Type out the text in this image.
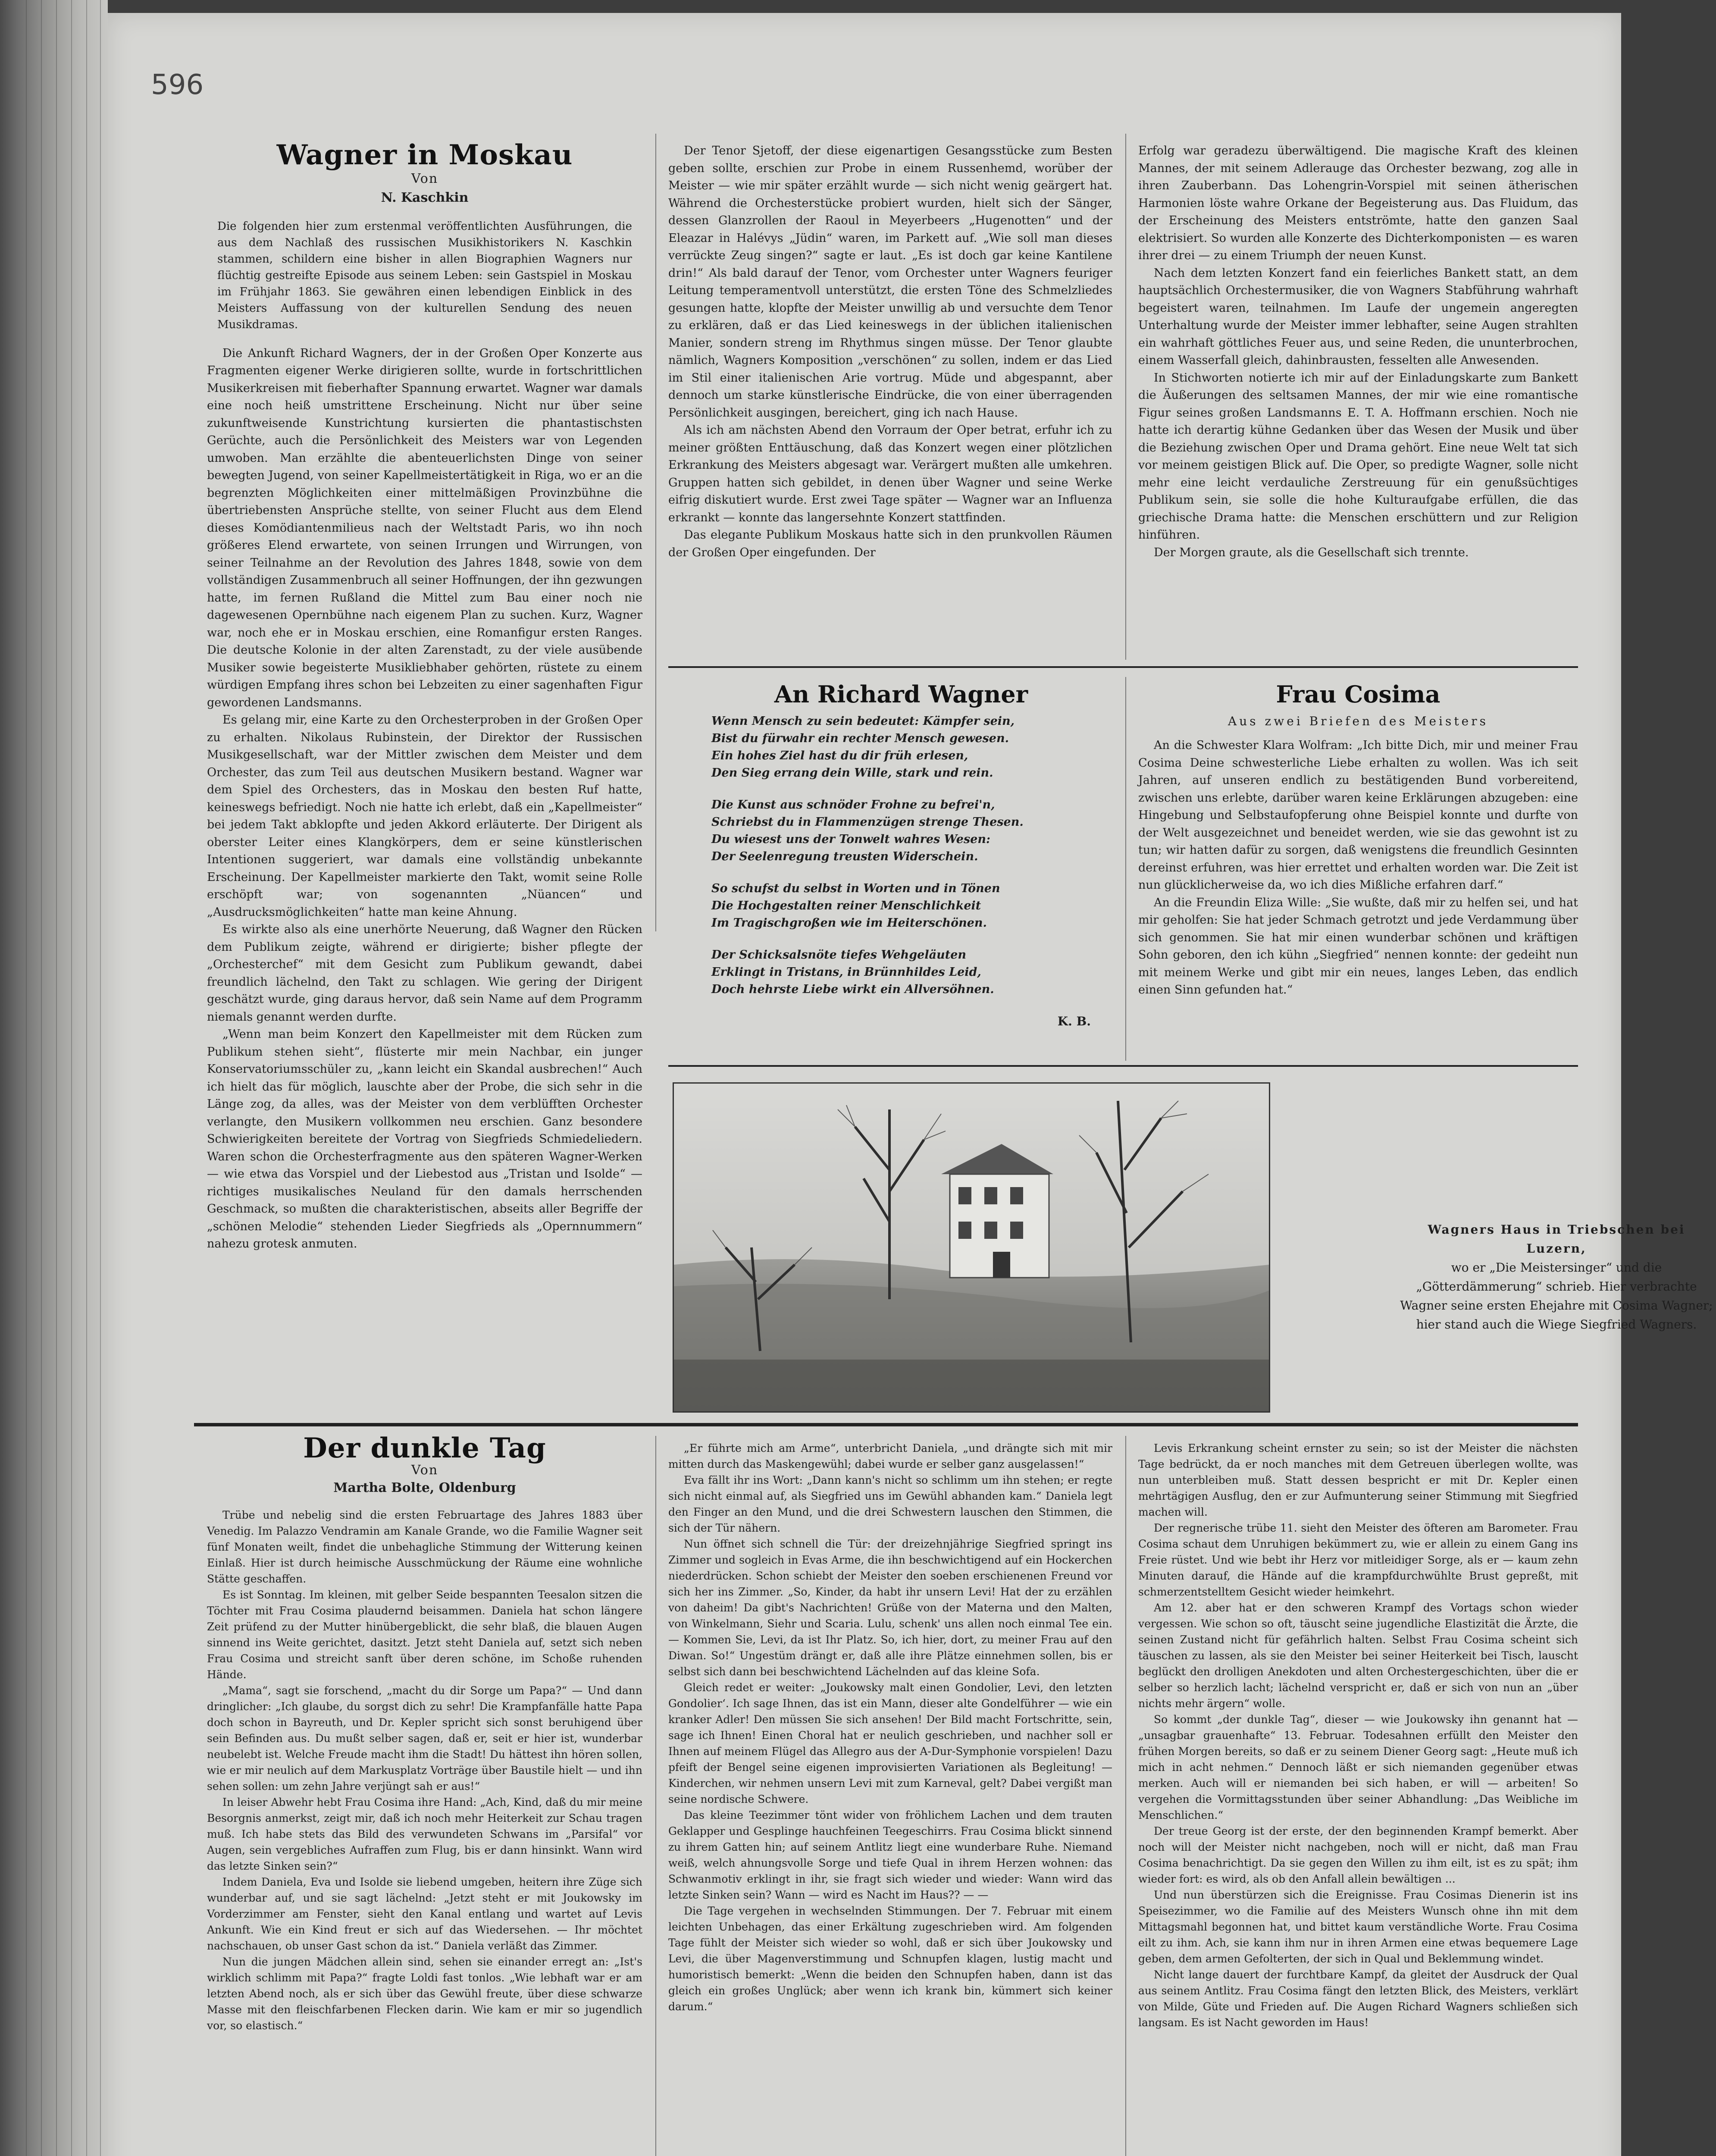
596
Wagner in Moskau
Von
N. Kaschkin
Die folgenden hier zum erstenmal veröffentlichten Ausführungen, die aus dem Nachlaß des russischen Musikhistorikers N. Kaschkin stammen, schildern eine bisher in allen Biographien Wagners nur flüchtig gestreifte Episode aus seinem Leben: sein Gastspiel in Moskau im Frühjahr 1863. Sie gewähren einen lebendigen Einblick in des Meisters Auffassung von der kulturellen Sendung des neuen Musikdramas.

Die Ankunft Richard Wagners, der in der Großen Oper Konzerte aus Fragmenten eigener Werke dirigieren sollte, wurde in fortschrittlichen Musikerkreisen mit fieberhafter Spannung erwartet. Wagner war damals eine noch heiß umstrittene Erscheinung. Nicht nur über seine zukunftweisende Kunstrichtung kursierten die phantastischsten Gerüchte, auch die Persönlichkeit des Meisters war von Legenden umwoben. Man erzählte die abenteuerlichsten Dinge von seiner bewegten Jugend, von seiner Kapellmeistertätigkeit in Riga, wo er an die begrenzten Möglichkeiten einer mittelmäßigen Provinzbühne die übertriebensten Ansprüche stellte, von seiner Flucht aus dem Elend dieses Komödiantenmilieus nach der Weltstadt Paris, wo ihn noch größeres Elend erwartete, von seinen Irrungen und Wirrungen, von seiner Teilnahme an der Revolution des Jahres 1848, sowie von dem vollständigen Zusammenbruch all seiner Hoffnungen, der ihn gezwungen hatte, im fernen Rußland die Mittel zum Bau einer noch nie dagewesenen Opernbühne nach eigenem Plan zu suchen. Kurz, Wagner war, noch ehe er in Moskau erschien, eine Romanfigur ersten Ranges. Die deutsche Kolonie in der alten Zarenstadt, zu der viele ausübende Musiker sowie begeisterte Musikliebhaber gehörten, rüstete zu einem würdigen Empfang ihres schon bei Lebzeiten zu einer sagenhaften Figur gewordenen Landsmanns.

Es gelang mir, eine Karte zu den Orchesterproben in der Großen Oper zu erhalten. Nikolaus Rubinstein, der Direktor der Russischen Musikgesellschaft, war der Mittler zwischen dem Meister und dem Orchester, das zum Teil aus deutschen Musikern bestand. Wagner war dem Spiel des Orchesters, das in Moskau den besten Ruf hatte, keineswegs befriedigt. Noch nie hatte ich erlebt, daß ein „Kapellmeister“ bei jedem Takt abklopfte und jeden Akkord erläuterte. Der Dirigent als oberster Leiter eines Klangkörpers, dem er seine künstlerischen Intentionen suggeriert, war damals eine vollständig unbekannte Erscheinung. Der Kapellmeister markierte den Takt, womit seine Rolle erschöpft war; von sogenannten „Nüancen“ und „Ausdrucksmöglichkeiten“ hatte man keine Ahnung.

Es wirkte also als eine unerhörte Neuerung, daß Wagner den Rücken dem Publikum zeigte, während er dirigierte; bisher pflegte der „Orchesterchef“ mit dem Gesicht zum Publikum gewandt, dabei freundlich lächelnd, den Takt zu schlagen. Wie gering der Dirigent geschätzt wurde, ging daraus hervor, daß sein Name auf dem Programm niemals genannt werden durfte.

„Wenn man beim Konzert den Kapellmeister mit dem Rücken zum Publikum stehen sieht“, flüsterte mir mein Nachbar, ein junger Konservatoriumsschüler zu, „kann leicht ein Skandal ausbrechen!“ Auch ich hielt das für möglich, lauschte aber der Probe, die sich sehr in die Länge zog, da alles, was der Meister von dem verblüfften Orchester verlangte, den Musikern vollkommen neu erschien. Ganz besondere Schwierigkeiten bereitete der Vortrag von Siegfrieds Schmiedeliedern. Waren schon die Orchesterfragmente aus den späteren Wagner-Werken — wie etwa das Vorspiel und der Liebestod aus „Tristan und Isolde“ — richtiges musikalisches Neuland für den damals herrschenden Geschmack, so mußten die charakteristischen, abseits aller Begriffe der „schönen Melodie“ stehenden Lieder Siegfrieds als „Opernnummern“ nahezu grotesk anmuten.

Der Tenor Sjetoff, der diese eigenartigen Gesangsstücke zum Besten geben sollte, erschien zur Probe in einem Russenhemd, worüber der Meister — wie mir später erzählt wurde — sich nicht wenig geärgert hat. Während die Orchesterstücke probiert wurden, hielt sich der Sänger, dessen Glanzrollen der Raoul in Meyerbeers „Hugenotten“ und der Eleazar in Halévys „Jüdin“ waren, im Parkett auf. „Wie soll man dieses verrückte Zeug singen?“ sagte er laut. „Es ist doch gar keine Kantilene drin!“ Als bald darauf der Tenor, vom Orchester unter Wagners feuriger Leitung temperamentvoll unterstützt, die ersten Töne des Schmelzliedes gesungen hatte, klopfte der Meister unwillig ab und versuchte dem Tenor zu erklären, daß er das Lied keineswegs in der üblichen italienischen Manier, sondern streng im Rhythmus singen müsse. Der Tenor glaubte nämlich, Wagners Komposition „verschönen“ zu sollen, indem er das Lied im Stil einer italienischen Arie vortrug. Müde und abgespannt, aber dennoch um starke künstlerische Eindrücke, die von einer überragenden Persönlichkeit ausgingen, bereichert, ging ich nach Hause.

Als ich am nächsten Abend den Vorraum der Oper betrat, erfuhr ich zu meiner größten Enttäuschung, daß das Konzert wegen einer plötzlichen Erkrankung des Meisters abgesagt war. Verärgert mußten alle umkehren. Gruppen hatten sich gebildet, in denen über Wagner und seine Werke eifrig diskutiert wurde. Erst zwei Tage später — Wagner war an Influenza erkrankt — konnte das langersehnte Konzert stattfinden.

Das elegante Publikum Moskaus hatte sich in den prunkvollen Räumen der Großen Oper eingefunden. Der

Erfolg war geradezu überwältigend. Die magische Kraft des kleinen Mannes, der mit seinem Adlerauge das Orchester bezwang, zog alle in ihren Zauberbann. Das Lohengrin-Vorspiel mit seinen ätherischen Harmonien löste wahre Orkane der Begeisterung aus. Das Fluidum, das der Erscheinung des Meisters entströmte, hatte den ganzen Saal elektrisiert. So wurden alle Konzerte des Dichterkomponisten — es waren ihrer drei — zu einem Triumph der neuen Kunst.

Nach dem letzten Konzert fand ein feierliches Bankett statt, an dem hauptsächlich Orchestermusiker, die von Wagners Stabführung wahrhaft begeistert waren, teilnahmen. Im Laufe der ungemein angeregten Unterhaltung wurde der Meister immer lebhafter, seine Augen strahlten ein wahrhaft göttliches Feuer aus, und seine Reden, die ununterbrochen, einem Wasserfall gleich, dahinbrausten, fesselten alle Anwesenden.

In Stichworten notierte ich mir auf der Einladungskarte zum Bankett die Äußerungen des seltsamen Mannes, der mir wie eine romantische Figur seines großen Landsmanns E. T. A. Hoffmann erschien. Noch nie hatte ich derartig kühne Gedanken über das Wesen der Musik und über die Beziehung zwischen Oper und Drama gehört. Eine neue Welt tat sich vor meinem geistigen Blick auf. Die Oper, so predigte Wagner, solle nicht mehr eine leicht verdauliche Zerstreuung für ein genußsüchtiges Publikum sein, sie solle die hohe Kulturaufgabe erfüllen, die das griechische Drama hatte: die Menschen erschüttern und zur Religion hinführen.

Der Morgen graute, als die Gesellschaft sich trennte.

An Richard Wagner
Wenn Mensch zu sein bedeutet: Kämpfer sein,
Bist du fürwahr ein rechter Mensch gewesen.
Ein hohes Ziel hast du dir früh erlesen,
Den Sieg errang dein Wille, stark und rein.
Die Kunst aus schnöder Frohne zu befrei'n,
Schriebst du in Flammenzügen strenge Thesen.
Du wiesest uns der Tonwelt wahres Wesen:
Der Seelenregung treusten Widerschein.
So schufst du selbst in Worten und in Tönen
Die Hochgestalten reiner Menschlichkeit
Im Tragischgroßen wie im Heiterschönen.
Der Schicksalsnöte tiefes Wehgeläuten
Erklingt in Tristans, in Brünnhildes Leid,
Doch hehrste Liebe wirkt ein Allversöhnen.
K. B.
Frau Cosima
Aus zwei Briefen des Meisters

An die Schwester Klara Wolfram: „Ich bitte Dich, mir und meiner Frau Cosima Deine schwesterliche Liebe erhalten zu wollen. Was ich seit Jahren, auf unseren endlich zu bestätigenden Bund vorbereitend, zwischen uns erlebte, darüber waren keine Erklärungen abzugeben: eine Hingebung und Selbstaufopferung ohne Beispiel konnte und durfte von der Welt ausgezeichnet und beneidet werden, wie sie das gewohnt ist zu tun; wir hatten dafür zu sorgen, daß wenigstens die freundlich Gesinnten dereinst erfuhren, was hier errettet und erhalten worden war. Die Zeit ist nun glücklicherweise da, wo ich dies Mißliche erfahren darf.“

An die Freundin Eliza Wille: „Sie wußte, daß mir zu helfen sei, und hat mir geholfen: Sie hat jeder Schmach getrotzt und jede Verdammung über sich genommen. Sie hat mir einen wunderbar schönen und kräftigen Sohn geboren, den ich kühn „Siegfried“ nennen konnte: der gedeiht nun mit meinem Werke und gibt mir ein neues, langes Leben, das endlich einen Sinn gefunden hat.“

Wagners Haus in Triebschen bei Luzern,
wo er „Die Meistersinger“ und die „Götterdämmerung“ schrieb. Hier verbrachte Wagner seine ersten Ehejahre mit Cosima Wagner; hier stand auch die Wiege Siegfried Wagners.
Der dunkle Tag
Von
Martha Bolte, Oldenburg

Trübe und nebelig sind die ersten Februartage des Jahres 1883 über Venedig. Im Palazzo Vendramin am Kanale Grande, wo die Familie Wagner seit fünf Monaten weilt, findet die unbehagliche Stimmung der Witterung keinen Einlaß. Hier ist durch heimische Ausschmückung der Räume eine wohnliche Stätte geschaffen.

Es ist Sonntag. Im kleinen, mit gelber Seide bespannten Teesalon sitzen die Töchter mit Frau Cosima plaudernd beisammen. Daniela hat schon längere Zeit prüfend zu der Mutter hinübergeblickt, die sehr blaß, die blauen Augen sinnend ins Weite gerichtet, dasitzt. Jetzt steht Daniela auf, setzt sich neben Frau Cosima und streicht sanft über deren schöne, im Schoße ruhenden Hände.

„Mama“, sagt sie forschend, „macht du dir Sorge um Papa?“ — Und dann dringlicher: „Ich glaube, du sorgst dich zu sehr! Die Krampfanfälle hatte Papa doch schon in Bayreuth, und Dr. Kepler spricht sich sonst beruhigend über sein Befinden aus. Du mußt selber sagen, daß er, seit er hier ist, wunderbar neubelebt ist. Welche Freude macht ihm die Stadt! Du hättest ihn hören sollen, wie er mir neulich auf dem Markusplatz Vorträge über Baustile hielt — und ihn sehen sollen: um zehn Jahre verjüngt sah er aus!“

In leiser Abwehr hebt Frau Cosima ihre Hand: „Ach, Kind, daß du mir meine Besorgnis anmerkst, zeigt mir, daß ich noch mehr Heiterkeit zur Schau tragen muß. Ich habe stets das Bild des verwundeten Schwans im „Parsifal“ vor Augen, sein vergebliches Aufraffen zum Flug, bis er dann hinsinkt. Wann wird das letzte Sinken sein?“

Indem Daniela, Eva und Isolde sie liebend umgeben, heitern ihre Züge sich wunderbar auf, und sie sagt lächelnd: „Jetzt steht er mit Joukowsky im Vorderzimmer am Fenster, sieht den Kanal entlang und wartet auf Levis Ankunft. Wie ein Kind freut er sich auf das Wiedersehen. — Ihr möchtet nachschauen, ob unser Gast schon da ist.“ Daniela verläßt das Zimmer.

Nun die jungen Mädchen allein sind, sehen sie einander erregt an: „Ist's wirklich schlimm mit Papa?“ fragte Loldi fast tonlos. „Wie lebhaft war er am letzten Abend noch, als er sich über das Gewühl freute, über diese schwarze Masse mit den fleischfarbenen Flecken darin. Wie kam er mir so jugendlich vor, so elastisch.“

„Er führte mich am Arme“, unterbricht Daniela, „und drängte sich mit mir mitten durch das Maskengewühl; dabei wurde er selber ganz ausgelassen!“

Eva fällt ihr ins Wort: „Dann kann's nicht so schlimm um ihn stehen; er regte sich nicht einmal auf, als Siegfried uns im Gewühl abhanden kam.“ Daniela legt den Finger an den Mund, und die drei Schwestern lauschen den Stimmen, die sich der Tür nähern.

Nun öffnet sich schnell die Tür: der dreizehnjährige Siegfried springt ins Zimmer und sogleich in Evas Arme, die ihn beschwichtigend auf ein Hockerchen niederdrücken. Schon schiebt der Meister den soeben erschienenen Freund vor sich her ins Zimmer. „So, Kinder, da habt ihr unsern Levi! Hat der zu erzählen von daheim! Da gibt's Nachrichten! Grüße von der Materna und den Malten, von Winkelmann, Siehr und Scaria. Lulu, schenk' uns allen noch einmal Tee ein. — Kommen Sie, Levi, da ist Ihr Platz. So, ich hier, dort, zu meiner Frau auf den Diwan. So!“ Ungestüm drängt er, daß alle ihre Plätze einnehmen sollen, bis er selbst sich dann bei beschwichtend Lächelnden auf das kleine Sofa.

Gleich redet er weiter: „Joukowsky malt einen Gondolier, Levi, den letzten Gondolier‘. Ich sage Ihnen, das ist ein Mann, dieser alte Gondelführer — wie ein kranker Adler! Den müssen Sie sich ansehen! Der Bild macht Fortschritte, sein, sage ich Ihnen! Einen Choral hat er neulich geschrieben, und nachher soll er Ihnen auf meinem Flügel das Allegro aus der A-Dur-Symphonie vorspielen! Dazu pfeift der Bengel seine eigenen improvisierten Variationen als Begleitung! — Kinderchen, wir nehmen unsern Levi mit zum Karneval, gelt? Dabei vergißt man seine nordische Schwere.

Das kleine Teezimmer tönt wider von fröhlichem Lachen und dem trauten Geklapper und Gesplinge hauchfeinen Teegeschirrs. Frau Cosima blickt sinnend zu ihrem Gatten hin; auf seinem Antlitz liegt eine wunderbare Ruhe. Niemand weiß, welch ahnungsvolle Sorge und tiefe Qual in ihrem Herzen wohnen: das Schwanmotiv erklingt in ihr, sie fragt sich wieder und wieder: Wann wird das letzte Sinken sein? Wann — wird es Nacht im Haus?? — —

Die Tage vergehen in wechselnden Stimmungen. Der 7. Februar mit einem leichten Unbehagen, das einer Erkältung zugeschrieben wird. Am folgenden Tage fühlt der Meister sich wieder so wohl, daß er sich über Joukowsky und Levi, die über Magenverstimmung und Schnupfen klagen, lustig macht und humoristisch bemerkt: „Wenn die beiden den Schnupfen haben, dann ist das gleich ein großes Unglück; aber wenn ich krank bin, kümmert sich keiner darum.“

Levis Erkrankung scheint ernster zu sein; so ist der Meister die nächsten Tage bedrückt, da er noch manches mit dem Getreuen überlegen wollte, was nun unterbleiben muß. Statt dessen bespricht er mit Dr. Kepler einen mehrtägigen Ausflug, den er zur Aufmunterung seiner Stimmung mit Siegfried machen will.

Der regnerische trübe 11. sieht den Meister des öfteren am Barometer. Frau Cosima schaut dem Unruhigen bekümmert zu, wie er allein zu einem Gang ins Freie rüstet. Und wie bebt ihr Herz vor mitleidiger Sorge, als er — kaum zehn Minuten darauf, die Hände auf die krampfdurchwühlte Brust gepreßt, mit schmerzentstelltem Gesicht wieder heimkehrt.

Am 12. aber hat er den schweren Krampf des Vortags schon wieder vergessen. Wie schon so oft, täuscht seine jugendliche Elastizität die Ärzte, die seinen Zustand nicht für gefährlich halten. Selbst Frau Cosima scheint sich täuschen zu lassen, als sie den Meister bei seiner Heiterkeit bei Tisch, lauscht beglückt den drolligen Anekdoten und alten Orchestergeschichten, über die er selber so herzlich lacht; lächelnd verspricht er, daß er sich von nun an „über nichts mehr ärgern“ wolle.

So kommt „der dunkle Tag“, dieser — wie Joukowsky ihn genannt hat — „unsagbar grauenhafte“ 13. Februar. Todesahnen erfüllt den Meister den frühen Morgen bereits, so daß er zu seinem Diener Georg sagt: „Heute muß ich mich in acht nehmen.“ Dennoch läßt er sich niemanden gegenüber etwas merken. Auch will er niemanden bei sich haben, er will — arbeiten! So vergehen die Vormittagsstunden über seiner Abhandlung: „Das Weibliche im Menschlichen.“

Der treue Georg ist der erste, der den beginnenden Krampf bemerkt. Aber noch will der Meister nicht nachgeben, noch will er nicht, daß man Frau Cosima benachrichtigt. Da sie gegen den Willen zu ihm eilt, ist es zu spät; ihm wieder fort: es wird, als ob den Anfall allein bewältigen ...

Und nun überstürzen sich die Ereignisse. Frau Cosimas Dienerin ist ins Speisezimmer, wo die Familie auf des Meisters Wunsch ohne ihn mit dem Mittagsmahl begonnen hat, und bittet kaum verständliche Worte. Frau Cosima eilt zu ihm. Ach, sie kann ihm nur in ihren Armen eine etwas bequemere Lage geben, dem armen Gefolterten, der sich in Qual und Beklemmung windet.

Nicht lange dauert der furchtbare Kampf, da gleitet der Ausdruck der Qual aus seinem Antlitz. Frau Cosima fängt den letzten Blick, des Meisters, verklärt von Milde, Güte und Frieden auf. Die Augen Richard Wagners schließen sich langsam. Es ist Nacht geworden im Haus!
